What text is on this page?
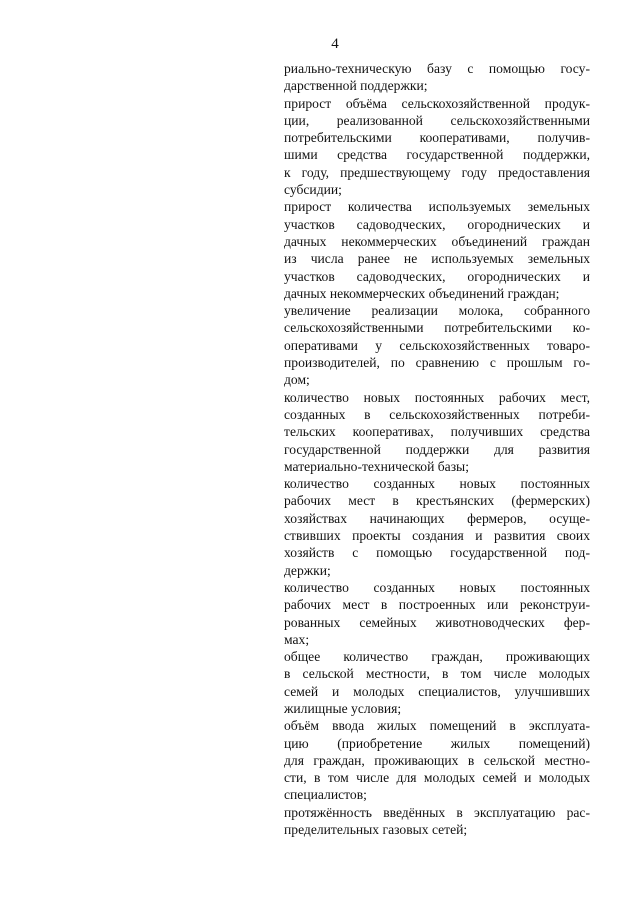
4
риально-техническую базу с помощью госу-
дарственной поддержки;
прирост объёма сельскохозяйственной продук-
ции, реализованной сельскохозяйственными
потребительскими кооперативами, получив-
шими средства государственной поддержки,
к году, предшествующему году предоставления
субсидии;
прирост количества используемых земельных
участков садоводческих, огороднических и
дачных некоммерческих объединений граждан
из числа ранее не используемых земельных
участков садоводческих, огороднических и
дачных некоммерческих объединений граждан;
увеличение реализации молока, собранного
сельскохозяйственными потребительскими ко-
оперативами у сельскохозяйственных товаро-
производителей, по сравнению с прошлым го-
дом;
количество новых постоянных рабочих мест,
созданных в сельскохозяйственных потреби-
тельских кооперативах, получивших средства
государственной поддержки для развития
материально-технической базы;
количество созданных новых постоянных
рабочих мест в крестьянских (фермерских)
хозяйствах начинающих фермеров, осуще-
ствивших проекты создания и развития своих
хозяйств с помощью государственной под-
держки;
количество созданных новых постоянных
рабочих мест в построенных или реконструи-
рованных семейных животноводческих фер-
мах;
общее количество граждан, проживающих
в сельской местности, в том числе молодых
семей и молодых специалистов, улучшивших
жилищные условия;
объём ввода жилых помещений в эксплуата-
цию (приобретение жилых помещений)
для граждан, проживающих в сельской местно-
сти, в том числе для молодых семей и молодых
специалистов;
протяжённость введённых в эксплуатацию рас-
пределительных газовых сетей;
